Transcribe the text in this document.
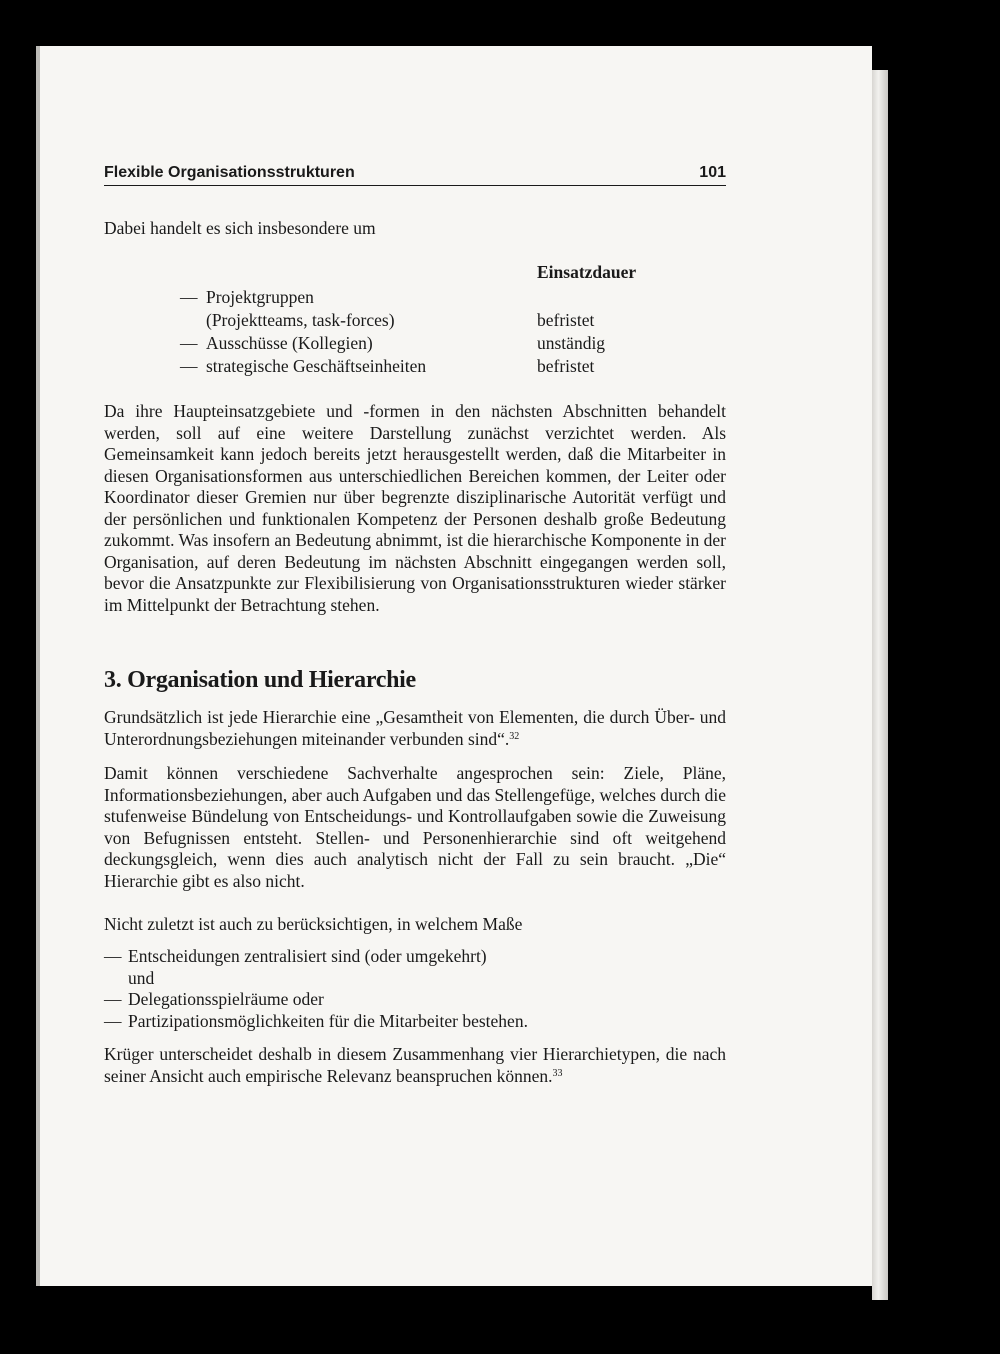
Flexible Organisationsstrukturen	101
Dabei handelt es sich insbesondere um
Einsatzdauer
— Projektgruppen
(Projektteams, task-forces)	befristet
— Ausschüsse (Kollegien)	unständig
— strategische Geschäftseinheiten	befristet
Da ihre Haupteinsatzgebiete und -formen in den nächsten Abschnitten behandelt werden, soll auf eine weitere Darstellung zunächst verzichtet werden. Als Gemeinsamkeit kann jedoch bereits jetzt herausgestellt werden, daß die Mitarbeiter in diesen Organisationsformen aus unterschiedlichen Bereichen kommen, der Leiter oder Koordinator dieser Gremien nur über begrenzte disziplinarische Autorität verfügt und der persönlichen und funktionalen Kompetenz der Personen deshalb große Bedeutung zukommt. Was insofern an Bedeutung abnimmt, ist die hierarchische Komponente in der Organisation, auf deren Bedeutung im nächsten Abschnitt eingegangen werden soll, bevor die Ansatzpunkte zur Flexibilisierung von Organisationsstrukturen wieder stärker im Mittelpunkt der Betrachtung stehen.
3. Organisation und Hierarchie
Grundsätzlich ist jede Hierarchie eine „Gesamtheit von Elementen, die durch Über- und Unterordnungsbeziehungen miteinander verbunden sind“.$^{32}$
Damit können verschiedene Sachverhalte angesprochen sein: Ziele, Pläne, Informationsbeziehungen, aber auch Aufgaben und das Stellengefüge, welches durch die stufenweise Bündelung von Entscheidungs- und Kontrollaufgaben sowie die Zuweisung von Befugnissen entsteht. Stellen- und Personenhierarchie sind oft weitgehend deckungsgleich, wenn dies auch analytisch nicht der Fall zu sein braucht. „Die“ Hierarchie gibt es also nicht.
Nicht zuletzt ist auch zu berücksichtigen, in welchem Maße
— Entscheidungen zentralisiert sind (oder umgekehrt)
und
— Delegationsspielräume oder
— Partizipationsmöglichkeiten für die Mitarbeiter bestehen.
Krüger unterscheidet deshalb in diesem Zusammenhang vier Hierarchietypen, die nach seiner Ansicht auch empirische Relevanz beanspruchen können.$^{33}$
